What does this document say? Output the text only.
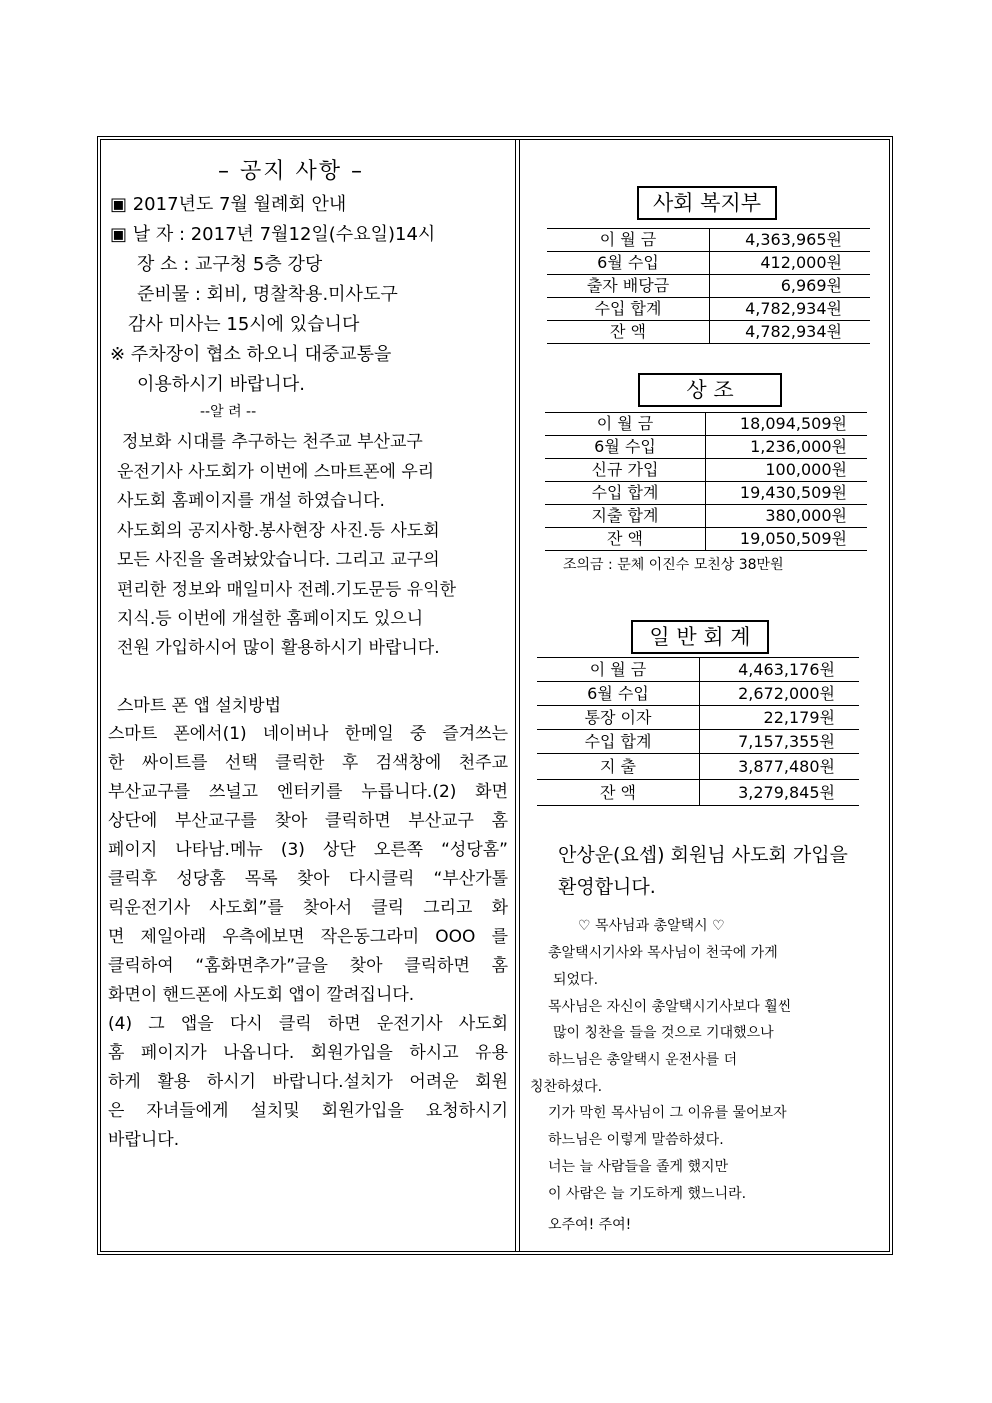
– 공지 사항 –
▣ 2017년도 7월 월례회 안내
▣ 날 자 : 2017년 7월12일(수요일)14시
장 소 : 교구청 5층 강당
준비물 : 회비, 명찰착용.미사도구
감사 미사는 15시에 있습니다
※ 주차장이 협소 하오니 대중교통을
이용하시기 바랍니다.
--알 려 --
정보화 시대를 추구하는 천주교 부산교구
운전기사 사도회가 이번에 스마트폰에 우리
사도회 홈페이지를 개설 하였습니다.
사도회의 공지사항.봉사현장 사진.등 사도회
모든 사진을 올려놨았습니다. 그리고 교구의
편리한 정보와 매일미사 전례.기도문등 유익한
지식.등 이번에 개설한 홈페이지도 있으니
전원 가입하시어 많이 활용하시기 바랍니다.
스마트 폰 앱 설치방법
스마트 폰에서(1) 네이버나 한메일 중 즐겨쓰는
한 싸이트를 선택 클릭한 후 검색창에 천주교
부산교구를 쓰널고 엔터키를 누릅니다.(2) 화면
상단에 부산교구를 찾아 클릭하면 부산교구 홈
페이지 나타남.메뉴 (3) 상단 오른쪽 “성당홈”
클릭후 성당홈 목록 찾아 다시클릭 “부산가톨
릭운전기사 사도회”를 찾아서 클릭 그리고 화
면 제일아래 우측에보면 작은동그라미 OOO 를
클릭하여 “홈화면추가”글을 찾아 클릭하면 홈
화면이 핸드폰에 사도회 앱이 깔려집니다.
(4) 그 앱을 다시 클릭 하면 운전기사 사도회
홈 페이지가 나옵니다. 회원가입을 하시고 유용
하게 활용 하시기 바랍니다.설치가 어려운 회원
은 자녀들에게 설치및 회원가입을 요청하시기
바랍니다.
사회 복지부
이 월 금	4,363,965원
6월 수입	412,000원
출자 배당금	6,969원
수입 합계	4,782,934원
잔 액	4,782,934원
상 조
이 월 금	18,094,509원
6월 수입	1,236,000원
신규 가입	100,000원
수입 합계	19,430,509원
지출 합계	380,000원
잔 액	19,050,509원
조의금 : 문체 이진수 모친상 38만원
일 반 회 계
이 월 금	4,463,176원
6월 수입	2,672,000원
통장 이자	22,179원
수입 합계	7,157,355원
지 출	3,877,480원
잔 액	3,279,845원
안상운(요셉) 회원님 사도회 가입을
환영합니다.
♡ 목사님과 총알택시 ♡
총알택시기사와 목사님이 천국에 가게
되었다.
목사님은 자신이 총알택시기사보다 훨씬
많이 칭찬을 들을 것으로 기대했으나
하느님은 총알택시 운전사를 더
칭찬하셨다.
기가 막힌 목사님이 그 이유를 물어보자
하느님은 이렇게 말씀하셨다.
너는 늘 사람들을 졸게 했지만
이 사람은 늘 기도하게 했느니라.
오주여! 주여!
